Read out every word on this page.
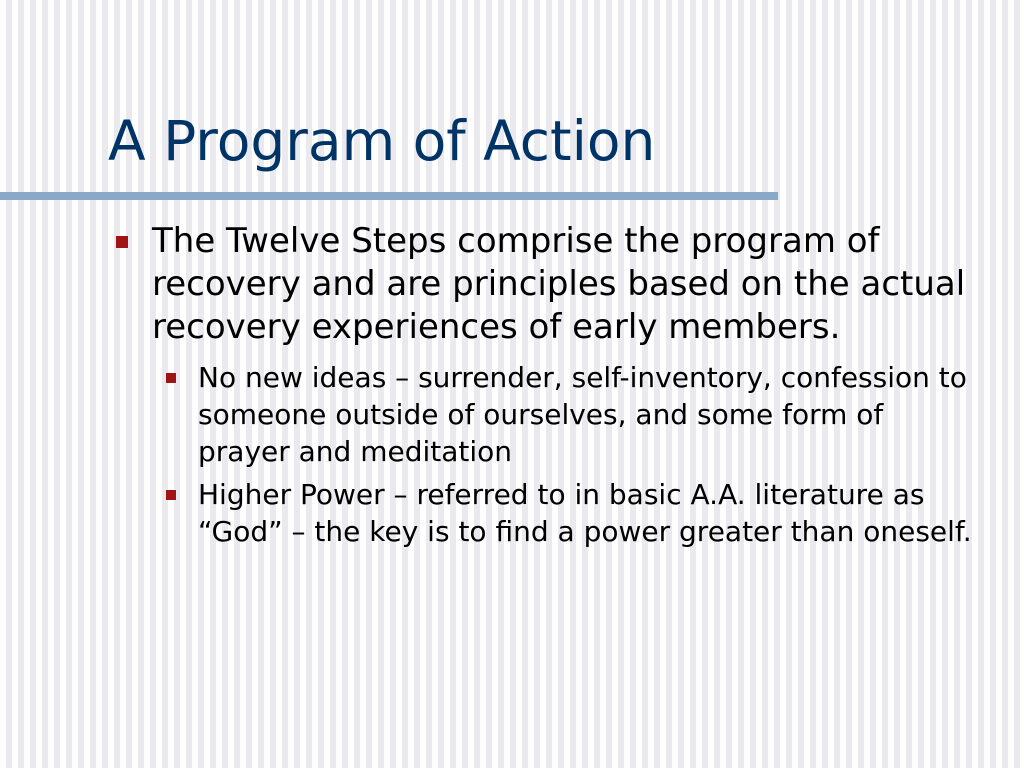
A Program of Action
The Twelve Steps comprise the program of recovery and are principles based on the actual recovery experiences of early members.
No new ideas – surrender, self-inventory, confession to someone outside of ourselves, and some form of prayer and meditation
Higher Power – referred to in basic A.A. literature as “God” – the key is to find a power greater than oneself.
